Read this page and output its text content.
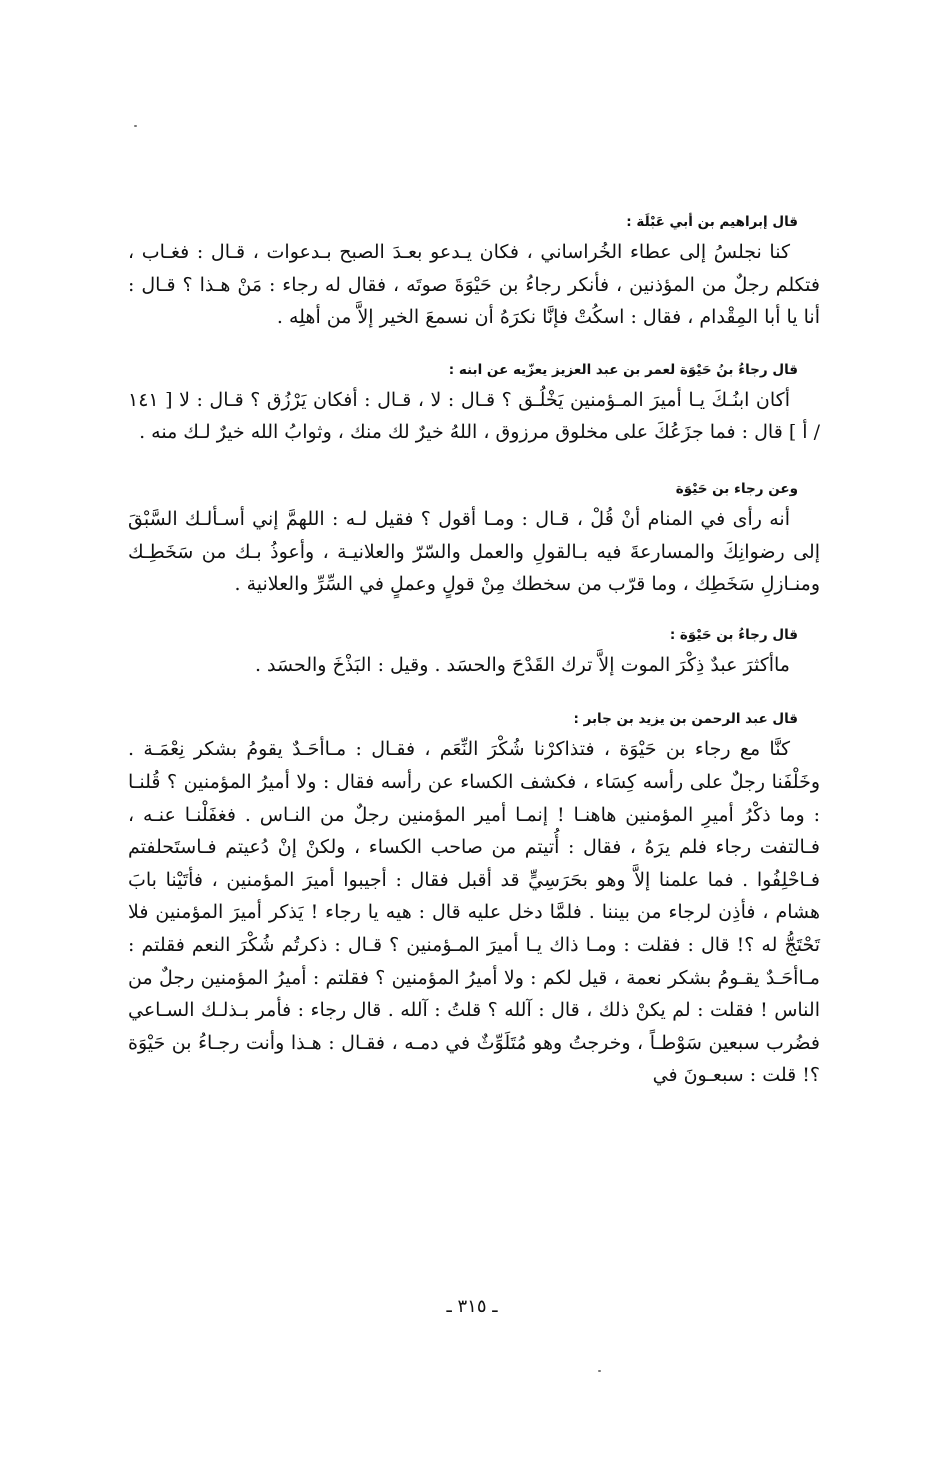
قال إبراهيم بن أبي عَبْلَة :

كنا نجلسُ إلى عطاء الخُراساني ، فكان يـدعو بعـدَ الصبح بـدعوات ، قـال : فغـاب ، فتكلم رجلٌ من المؤذنين ، فأنكر رجاءُ بن حَيْوَةَ صوتَه ، فقال له رجاء : مَنْ هـذا ؟ قـال : أنا يا أبا المِقْدام ، فقال : اسكُتْ فإنَّا نكرَهُ أن نسمعَ الخير إلاَّ من أهلِه .

قال رجاءُ بنُ حَيْوَة لعمر بن عبد العزيز يعزّيه عن ابنه :

أكان ابنُـكَ يـا أميرَ المـؤمنين يَخْلُـق ؟ قـال : لا ، قـال : أفكان يَرْزُق ؟ قـال : لا [ ١٤١ / أ ] قال : فما جزَعُكَ على مخلوق مرزوق ، اللهُ خيرٌ لك منك ، وثوابُ الله خيرٌ لـك منه .

وعن رجاء بن حَيْوَة

أنه رأى في المنام أنْ قُلْ ، قـال : ومـا أقول ؟ فقيل لـه : اللهمَّ إني أسـألـك السَّبْقَ إلى رضوانِكَ والمسارعةَ فيه بـالقولِ والعمل والسّرّ والعلانيـة ، وأعوذُ بـك من سَخَطِـك ومنـازلِ سَخَطِك ، وما قرّب من سخطك مِنْ قولٍ وعملٍ في السِّرِّ والعلانية .

قال رجاءُ بن حَيْوَة :

ماأكثرَ عبدٌ ذِكْرَ الموت إلاَّ ترك القَدْحَ والحسَد . وقيل : البَذْخَ والحسَد .

قال عبد الرحمن بن يزيد بن جابر :

كنَّا مع رجاء بن حَيْوَة ، فتذاكرْنا شُكْرَ النِّعَم ، فقـال : مـاأحَـدٌ يقومُ بشكر نِعْمَـة . وخَلْفَنا رجلٌ على رأسه كِسَاء ، فكشف الكساء عن رأسه فقال : ولا أميرُ المؤمنين ؟ قُلنـا : وما ذكْرُ أميرِ المؤمنين هاهنـا ! إنمـا أمير المؤمنين رجلٌ من النـاس . فغفَلْنـا عنـه ، فـالتفت رجاء فلم يرَهُ ، فقال : أُتيتم من صاحب الكساء ، ولكنْ إنْ دُعيتم فـاستَحلفتم فـاحْلِفُوا . فما علمنا إلاَّ وهو بحَرَسِيٍّ قد أقبل فقال : أجيبوا أميرَ المؤمنين ، فأتَيْنا بابَ هشام ، فأذِن لرجاء من بيننا . فلمَّا دخل عليه قال : هيه يا رجاء ! يَذكر أميرَ المؤمنين فلا تَحْتَجُّ له ؟! قال : فقلت : ومـا ذاك يـا أميرَ المـؤمنين ؟ قـال : ذكرتُم شُكْرَ النعم فقلتم : مـاأحَـدٌ يقـومُ بشكر نعمة ، قيل لكم : ولا أميرُ المؤمنين ؟ فقلتم : أميرُ المؤمنين رجلٌ من الناس ! فقلت : لم يكنْ ذلك ، قال : آلله ؟ قلتُ : آلله . قال رجاء : فأمر بـذلـك السـاعي فضُرب سبعين سَوْطـاً ، وخرجتُ وهو مُتَلَوِّثٌ في دمـه ، فقـال : هـذا وأنت رجـاءُ بن حَيْوَة ؟! قلت : سبعـونَ في

ـ ٣١٥ ـ
